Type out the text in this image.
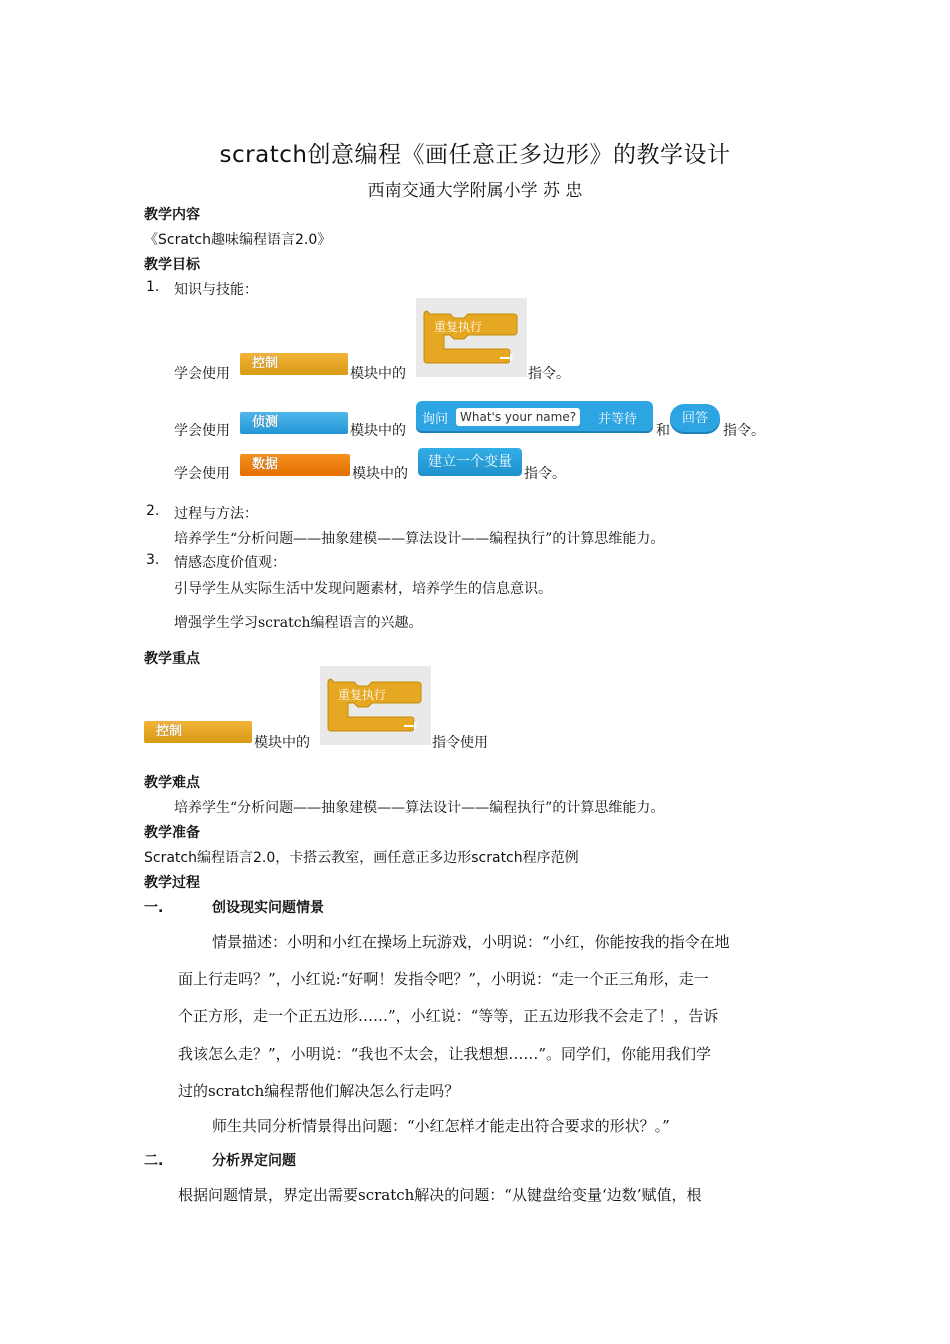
scratch创意编程《画任意正多边形》的教学设计
西南交通大学附属小学 苏 忠
教学内容
《Scratch趣味编程语言2.0》
教学目标
1. 知识与技能：
学会使用
控制
模块中的
重复执行
指令。
学会使用
侦测
模块中的
询问 What's your name?	并等待
和
回答
指令。
学会使用
数据
模块中的
建立一个变量
指令。
2. 过程与方法：
培养学生“分析问题——抽象建模——算法设计——编程执行”的计算思维能力。
3. 情感态度价值观：
引导学生从实际生活中发现问题素材，培养学生的信息意识。
增强学生学习scratch编程语言的兴趣。
教学重点
控制
模块中的
重复执行
指令使用
教学难点
培养学生“分析问题——抽象建模——算法设计——编程执行”的计算思维能力。
教学准备
Scratch编程语言2.0，卡搭云教室，画任意正多边形scratch程序范例
教学过程
一.	创设现实问题情景
情景描述：小明和小红在操场上玩游戏，小明说：“小红，你能按我的指令在地
面上行走吗？”，小红说:“好啊！发指令吧？”，小明说：“走一个正三角形，走一
个正方形，走一个正五边形……”，小红说：“等等，正五边形我不会走了！，告诉
我该怎么走？”，小明说：“我也不太会，让我想想……”。同学们，你能用我们学
过的scratch编程帮他们解决怎么行走吗？
师生共同分析情景得出问题：“小红怎样才能走出符合要求的形状？。”
二.	分析界定问题
根据问题情景，界定出需要scratch解决的问题：“从键盘给变量‘边数’赋值，根
